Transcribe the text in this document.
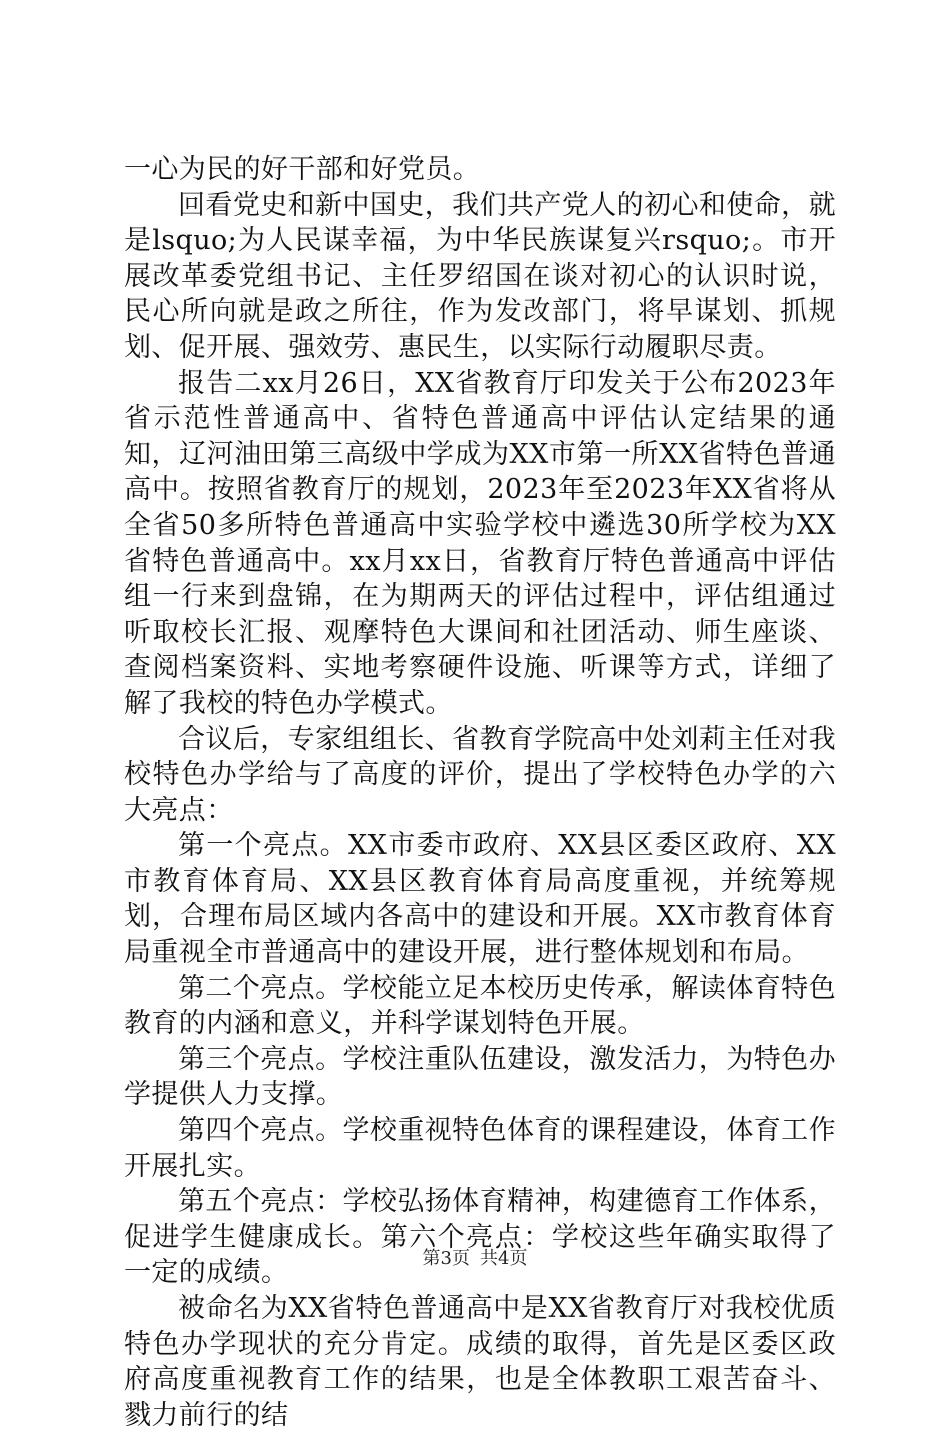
一心为民的好干部和好党员。

回看党史和新中国史，我们共产党人的初心和使命，就是lsquo;为人民谋幸福，为中华民族谋复兴rsquo;。市开展改革委党组书记、主任罗绍国在谈对初心的认识时说，民心所向就是政之所往，作为发改部门，将早谋划、抓规划、促开展、强效劳、惠民生，以实际行动履职尽责。

报告二xx月26日，XX省教育厅印发关于公布2023年省示范性普通高中、省特色普通高中评估认定结果的通知，辽河油田第三高级中学成为XX市第一所XX省特色普通高中。按照省教育厅的规划，2023年至2023年XX省将从全省50多所特色普通高中实验学校中遴选30所学校为XX省特色普通高中。xx月xx日，省教育厅特色普通高中评估组一行来到盘锦，在为期两天的评估过程中，评估组通过听取校长汇报、观摩特色大课间和社团活动、师生座谈、查阅档案资料、实地考察硬件设施、听课等方式，详细了解了我校的特色办学模式。

合议后，专家组组长、省教育学院高中处刘莉主任对我校特色办学给与了高度的评价，提出了学校特色办学的六大亮点：

第一个亮点。XX市委市政府、XX县区委区政府、XX市教育体育局、XX县区教育体育局高度重视，并统筹规划，合理布局区域内各高中的建设和开展。XX市教育体育局重视全市普通高中的建设开展，进行整体规划和布局。

第二个亮点。学校能立足本校历史传承，解读体育特色教育的内涵和意义，并科学谋划特色开展。

第三个亮点。学校注重队伍建设，激发活力，为特色办学提供人力支撑。

第四个亮点。学校重视特色体育的课程建设，体育工作开展扎实。

第五个亮点：学校弘扬体育精神，构建德育工作体系，促进学生健康成长。第六个亮点：学校这些年确实取得了一定的成绩。

被命名为XX省特色普通高中是XX省教育厅对我校优质特色办学现状的充分肯定。成绩的取得，首先是区委区政府高度重视教育工作的结果，也是全体教职工艰苦奋斗、戮力前行的结

第3页 共4页
